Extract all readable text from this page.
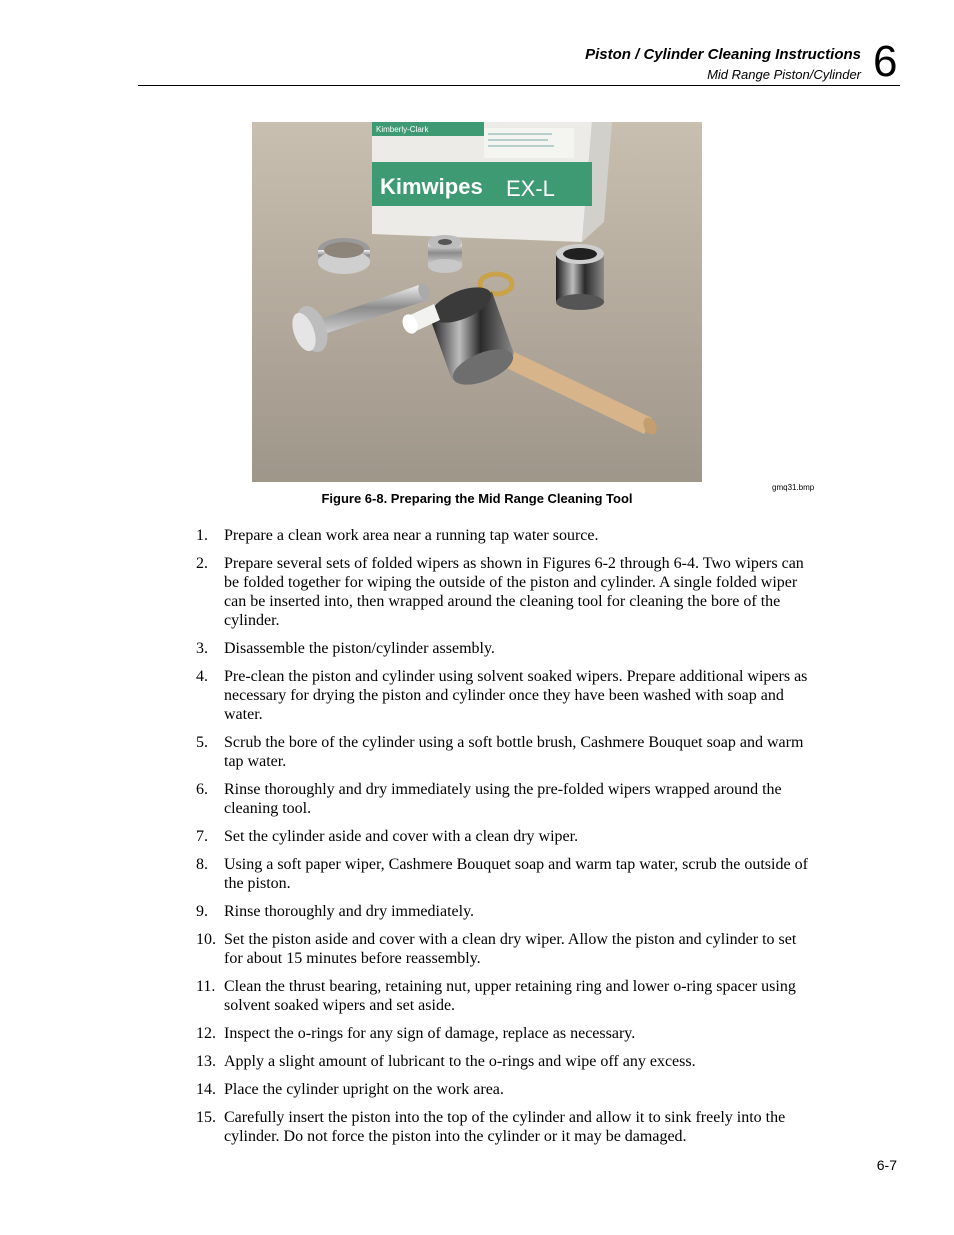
Piston / Cylinder Cleaning Instructions
Mid Range Piston/Cylinder 6
Kimberly-Clark
Kimwipes EX-L
gmq31.bmp
Figure 6-8. Preparing the Mid Range Cleaning Tool
1.	Prepare a clean work area near a running tap water source.
2.	Prepare several sets of folded wipers as shown in Figures 6-2 through 6-4. Two wipers can be folded together for wiping the outside of the piston and cylinder. A single folded wiper can be inserted into, then wrapped around the cleaning tool for cleaning the bore of the cylinder.
3.	Disassemble the piston/cylinder assembly.
4.	Pre-clean the piston and cylinder using solvent soaked wipers. Prepare additional wipers as necessary for drying the piston and cylinder once they have been washed with soap and water.
5.	Scrub the bore of the cylinder using a soft bottle brush, Cashmere Bouquet soap and warm tap water.
6.	Rinse thoroughly and dry immediately using the pre-folded wipers wrapped around the cleaning tool.
7.	Set the cylinder aside and cover with a clean dry wiper.
8.	Using a soft paper wiper, Cashmere Bouquet soap and warm tap water, scrub the outside of the piston.
9.	Rinse thoroughly and dry immediately.
10. Set the piston aside and cover with a clean dry wiper. Allow the piston and cylinder to set for about 15 minutes before reassembly.
11. Clean the thrust bearing, retaining nut, upper retaining ring and lower o-ring spacer using solvent soaked wipers and set aside.
12. Inspect the o-rings for any sign of damage, replace as necessary.
13. Apply a slight amount of lubricant to the o-rings and wipe off any excess.
14. Place the cylinder upright on the work area.
15. Carefully insert the piston into the top of the cylinder and allow it to sink freely into the cylinder. Do not force the piston into the cylinder or it may be damaged.
6-7
